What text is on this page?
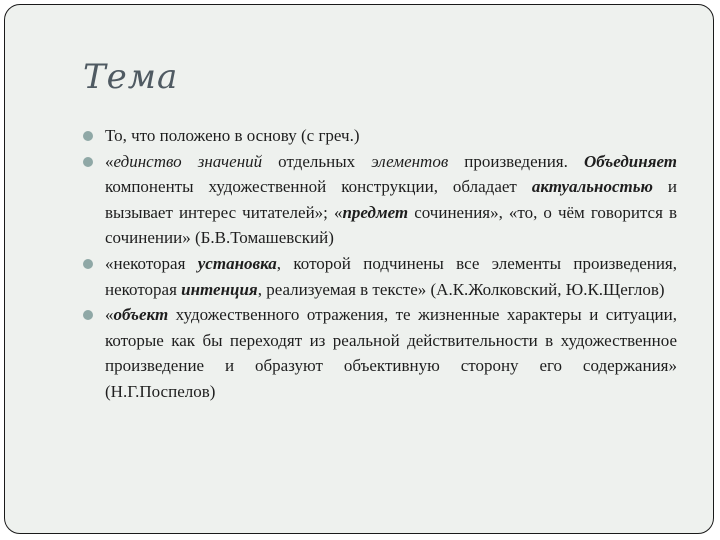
Тема
То, что положено в основу (с греч.)
«единство значений отдельных элементов произведения. Объединяет компоненты художественной конструкции, обладает актуальностью и вызывает интерес читателей»; «предмет сочинения», «то, о чём говорится в сочинении» (Б.В.Томашевский)
«некоторая установка, которой подчинены все элементы произведения, некоторая интенция, реализуемая в тексте» (А.К.Жолковский, Ю.К.Щеглов)
«объект художественного отражения, те жизненные характеры и ситуации, которые как бы переходят из реальной действительности в художественное произведение и образуют объективную сторону его содержания» (Н.Г.Поспелов)
